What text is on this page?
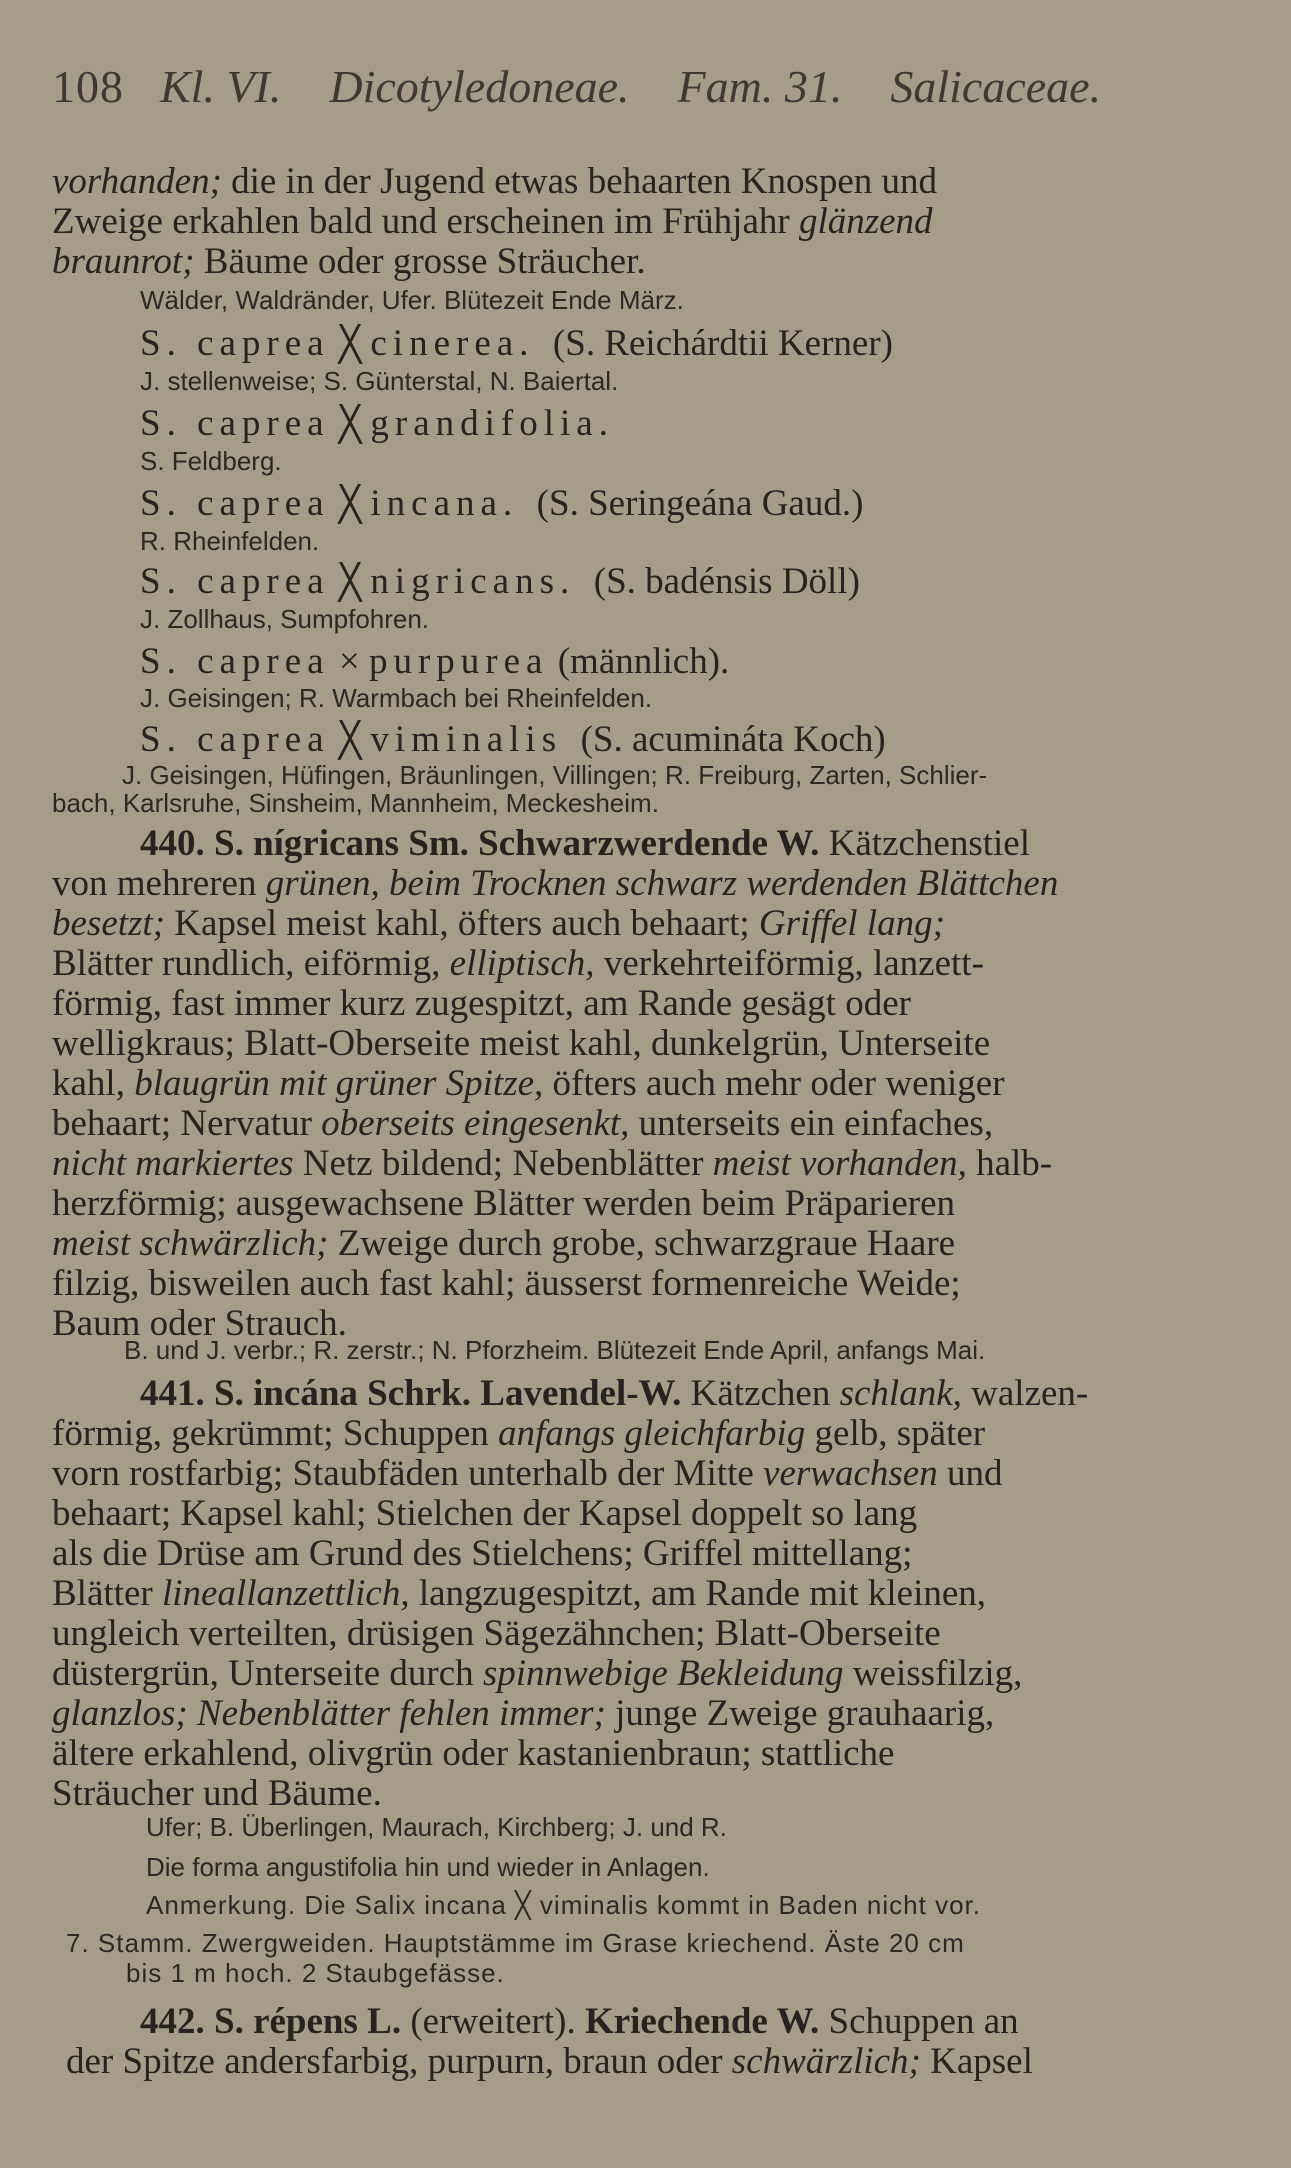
108 Kl. VI. Dicotyledoneae. Fam. 31. Salicaceae.
vorhanden; die in der Jugend etwas behaarten Knospen und
Zweige erkahlen bald und erscheinen im Frühjahr glänzend
braunrot; Bäume oder grosse Sträucher.
Wälder, Waldränder, Ufer. Blütezeit Ende März.
S. caprea ╳ cinerea. (S. Reichárdtii Kerner)
J. stellenweise; S. Günterstal, N. Baiertal.
S. caprea ╳ grandifolia.
S. Feldberg.
S. caprea ╳ incana. (S. Seringeána Gaud.)
R. Rheinfelden.
S. caprea ╳ nigricans. (S. badénsis Döll)
J. Zollhaus, Sumpfohren.
S. caprea × purpurea (männlich).
J. Geisingen; R. Warmbach bei Rheinfelden.
S. caprea ╳ viminalis (S. acumináta Koch)
J. Geisingen, Hüfingen, Bräunlingen, Villingen; R. Freiburg, Zarten, Schlier-
bach, Karlsruhe, Sinsheim, Mannheim, Meckesheim.
440. S. nígricans Sm. Schwarzwerdende W. Kätzchenstiel
von mehreren grünen, beim Trocknen schwarz werdenden Blättchen
besetzt; Kapsel meist kahl, öfters auch behaart; Griffel lang;
Blätter rundlich, eiförmig, elliptisch, verkehrteiförmig, lanzett-
förmig, fast immer kurz zugespitzt, am Rande gesägt oder
welligkraus; Blatt-Oberseite meist kahl, dunkelgrün, Unterseite
kahl, blaugrün mit grüner Spitze, öfters auch mehr oder weniger
behaart; Nervatur oberseits eingesenkt, unterseits ein einfaches,
nicht markiertes Netz bildend; Nebenblätter meist vorhanden, halb-
herzförmig; ausgewachsene Blätter werden beim Präparieren
meist schwärzlich; Zweige durch grobe, schwarzgraue Haare
filzig, bisweilen auch fast kahl; äusserst formenreiche Weide;
Baum oder Strauch.
B. und J. verbr.; R. zerstr.; N. Pforzheim. Blütezeit Ende April, anfangs Mai.
441. S. incána Schrk. Lavendel-W. Kätzchen schlank, walzen-
förmig, gekrümmt; Schuppen anfangs gleichfarbig gelb, später
vorn rostfarbig; Staubfäden unterhalb der Mitte verwachsen und
behaart; Kapsel kahl; Stielchen der Kapsel doppelt so lang
als die Drüse am Grund des Stielchens; Griffel mittellang;
Blätter lineallanzettlich, langzugespitzt, am Rande mit kleinen,
ungleich verteilten, drüsigen Sägezähnchen; Blatt-Oberseite
düstergrün, Unterseite durch spinnwebige Bekleidung weissfilzig,
glanzlos; Nebenblätter fehlen immer; junge Zweige grauhaarig,
ältere erkahlend, olivgrün oder kastanienbraun; stattliche
Sträucher und Bäume.
Ufer; B. Überlingen, Maurach, Kirchberg; J. und R.
Die forma angustifolia hin und wieder in Anlagen.
Anmerkung. Die Salix incana ╳ viminalis kommt in Baden nicht vor.
7. Stamm. Zwergweiden. Hauptstämme im Grase kriechend. Äste 20 cm
bis 1 m hoch. 2 Staubgefässe.
442. S. répens L. (erweitert). Kriechende W. Schuppen an
der Spitze andersfarbig, purpurn, braun oder schwärzlich; Kapsel
